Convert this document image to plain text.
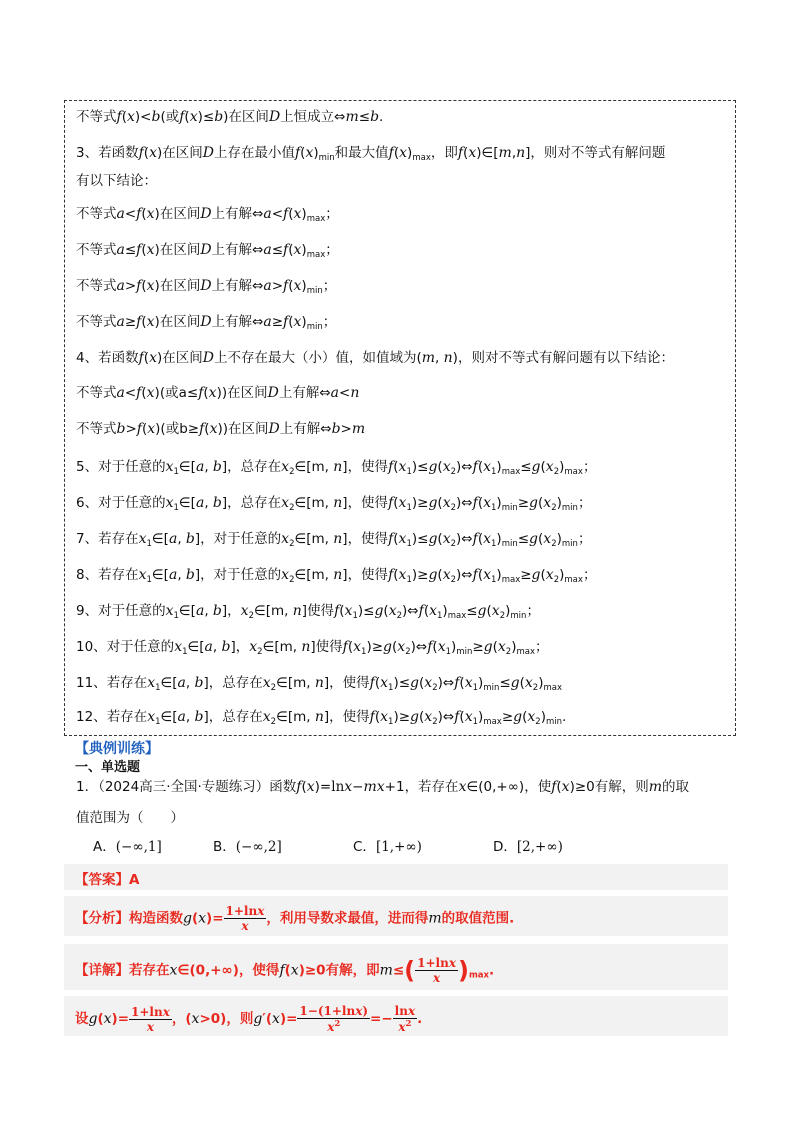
不等式f(x)<b(或f(x)≤b)在区间D上恒成立⇔m≤b.
3、若函数f(x)在区间D上存在最小值$f(x)_{min}$和最大值$f(x)_{max}$，即f(x)∈[m,n]，则对不等式有解问题
有以下结论：
不等式a<f(x)在区间D上有解$\Leftrightarrow a<f(x)_{max}$；
不等式a≤f(x)在区间D上有解$\Leftrightarrow a\le f(x)_{max}$；
不等式a>f(x)在区间D上有解$\Leftrightarrow a>f(x)_{min}$；
不等式a≥f(x)在区间D上有解$\Leftrightarrow a\ge f(x)_{min}$；
4、若函数f(x)在区间D上不存在最大（小）值，如值域为(m, n)，则对不等式有解问题有以下结论：
不等式a<f(x)(或a≤f(x))在区间D上有解⇔a<n
不等式b>f(x)(或b≥f(x))在区间D上有解⇔b>m
5、对于任意的$x_1\in[a$, b]，总存在$x_2\in[m$, n]，使得$f(x_1)\le g(x_2)\Leftrightarrow f(x_1)_{max}\le g(x_2)_{max}$；
6、对于任意的$x_1\in[a$, b]，总存在$x_2\in[m$, n]，使得$f(x_1)\ge g(x_2)\Leftrightarrow f(x_1)_{min}\ge g(x_2)_{min}$；
7、若存在$x_1\in[a$, b]，对于任意的$x_2\in[m$, n]，使得$f(x_1)\le g(x_2)\Leftrightarrow f(x_1)_{min}\le g(x_2)_{min}$；
8、若存在$x_1\in[a$, b]，对于任意的$x_2\in[m$, n]，使得$f(x_1)\ge g(x_2)\Leftrightarrow f(x_1)_{max}\ge g(x_2)_{max}$；
9、对于任意的$x_1\in[a$, b]，$x_2\in[m$, n]使得$f(x_1)\le g(x_2)\Leftrightarrow f(x_1)_{max}\le g(x_2)_{min}$；
10、对于任意的$x_1\in[a$, b]，$x_2\in[m$, n]使得$f(x_1)\ge g(x_2)\Leftrightarrow f(x_1)_{min}\ge g(x_2)_{max}$；
11、若存在$x_1\in[a$, b]，总存在$x_2\in[m$, n]，使得$f(x_1)\le g(x_2)\Leftrightarrow f(x_1)_{min}\le g(x_2)_{max}$
12、若存在$x_1\in[a$, b]，总存在$x_2\in[m$, n]，使得$f(x_1)\ge g(x_2)\Leftrightarrow f(x_1)_{max}\ge g(x_2)_{min}$.
【典例训练】
一、单选题
1．（2024高三·全国·专题练习）函数f(x)=lnx−mx+1，若存在x∈(0,+∞)，使f(x)≥0有解，则m的取
值范围为（　　）
A．(−∞,1]	B．(−∞,2]	C．[1,+∞)	D．[2,+∞)
【答案】A
【分析】构造函数$g(x)= \frac{1+\ln x}{x}$ ，利用导数求最值，进而得m的取值范围.
【详解】若存在x∈(0,+∞)，使得f(x)≥0有解，即$m\le( \frac{1+\ln x}{x} )_{max}$.
设$g(x)= \frac{1+\ln x}{x}$ ，(x>0)，则$g'(x)= \frac{1-(1+\ln x)}{x^2} =- \frac{\ln x}{x^2}$ .
